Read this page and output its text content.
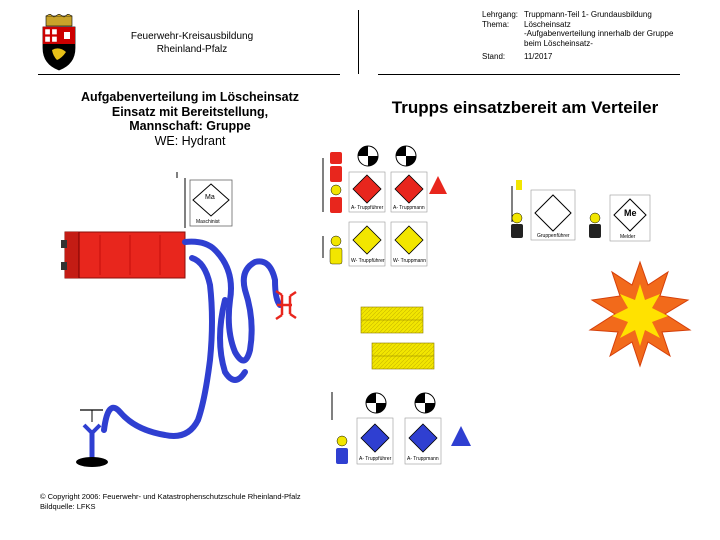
Feuerwehr-Kreisausbildung
Rheinland-Pfalz
Lehrgang: Truppmann-Teil 1- Grundausbildung
Thema: Löscheinsatz
-Aufgabenverteilung innerhalb der Gruppe
beim Löscheinsatz-
Stand: 11/2017
Aufgabenverteilung im Löscheinsatz
Einsatz mit Bereitstellung,
Mannschaft: Gruppe
WE: Hydrant
Trupps einsatzbereit am Verteiler
Ma
Maschinist
Me
Gruppenführer	Melder
A- Truppführer A- Truppmann
W- Truppführer W- Truppmann
A- Truppführer	A- Truppmann
© Copyright 2006: Feuerwehr- und Katastrophenschutzschule Rheinland-Pfalz
Bildquelle: LFKS
